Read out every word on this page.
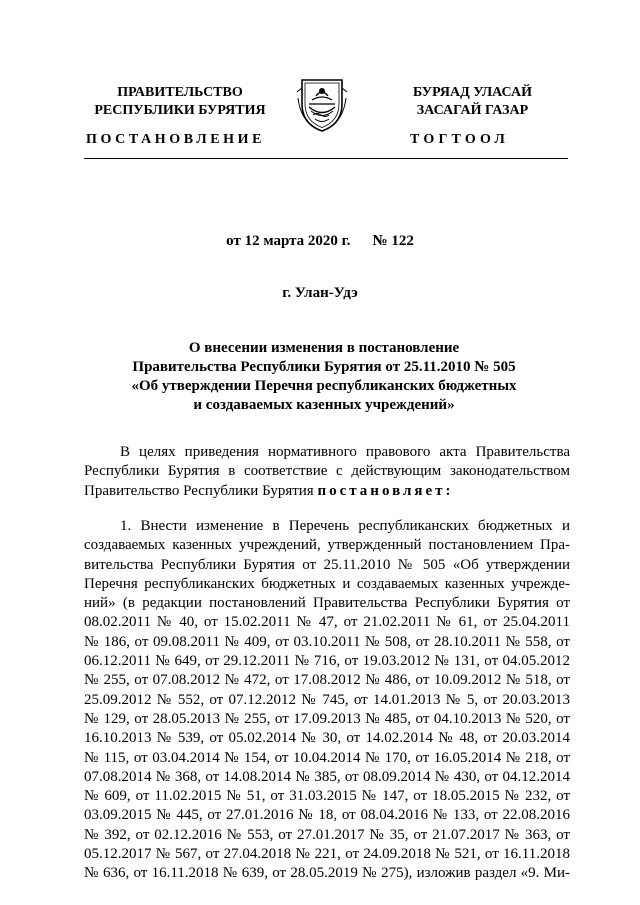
ПРАВИТЕЛЬСТВО
РЕСПУБЛИКИ БУРЯТИЯ
БУРЯАД УЛАСАЙ
ЗАСАГАЙ ГАЗАР
ПОСТАНОВЛЕНИЕ	ТОГТООЛ
от 12 марта 2020 г. № 122
г. Улан-Удэ
О внесении изменения в постановление
Правительства Республики Бурятия от 25.11.2010 № 505
«Об утверждении Перечня республиканских бюджетных
и создаваемых казенных учреждений»
В целях приведения нормативного правового акта Правительства
Республики Бурятия в соответствие с действующим законодательством
Правительство Республики Бурятия постановляет:
1. Внести изменение в Перечень республиканских бюджетных и
создаваемых казенных учреждений, утвержденный постановлением Пра-
вительства Республики Бурятия от 25.11.2010 № 505 «Об утверждении
Перечня республиканских бюджетных и создаваемых казенных учрежде-
ний» (в редакции постановлений Правительства Республики Бурятия от
08.02.2011 № 40, от 15.02.2011 № 47, от 21.02.2011 № 61, от 25.04.2011
№ 186, от 09.08.2011 № 409, от 03.10.2011 № 508, от 28.10.2011 № 558, от
06.12.2011 № 649, от 29.12.2011 № 716, от 19.03.2012 № 131, от 04.05.2012
№ 255, от 07.08.2012 № 472, от 17.08.2012 № 486, от 10.09.2012 № 518, от
25.09.2012 № 552, от 07.12.2012 № 745, от 14.01.2013 № 5, от 20.03.2013
№ 129, от 28.05.2013 № 255, от 17.09.2013 № 485, от 04.10.2013 № 520, от
16.10.2013 № 539, от 05.02.2014 № 30, от 14.02.2014 № 48, от 20.03.2014
№ 115, от 03.04.2014 № 154, от 10.04.2014 № 170, от 16.05.2014 № 218, от
07.08.2014 № 368, от 14.08.2014 № 385, от 08.09.2014 № 430, от 04.12.2014
№ 609, от 11.02.2015 № 51, от 31.03.2015 № 147, от 18.05.2015 № 232, от
03.09.2015 № 445, от 27.01.2016 № 18, от 08.04.2016 № 133, от 22.08.2016
№ 392, от 02.12.2016 № 553, от 27.01.2017 № 35, от 21.07.2017 № 363, от
05.12.2017 № 567, от 27.04.2018 № 221, от 24.09.2018 № 521, от 16.11.2018
№ 636, от 16.11.2018 № 639, от 28.05.2019 № 275), изложив раздел «9. Ми-
